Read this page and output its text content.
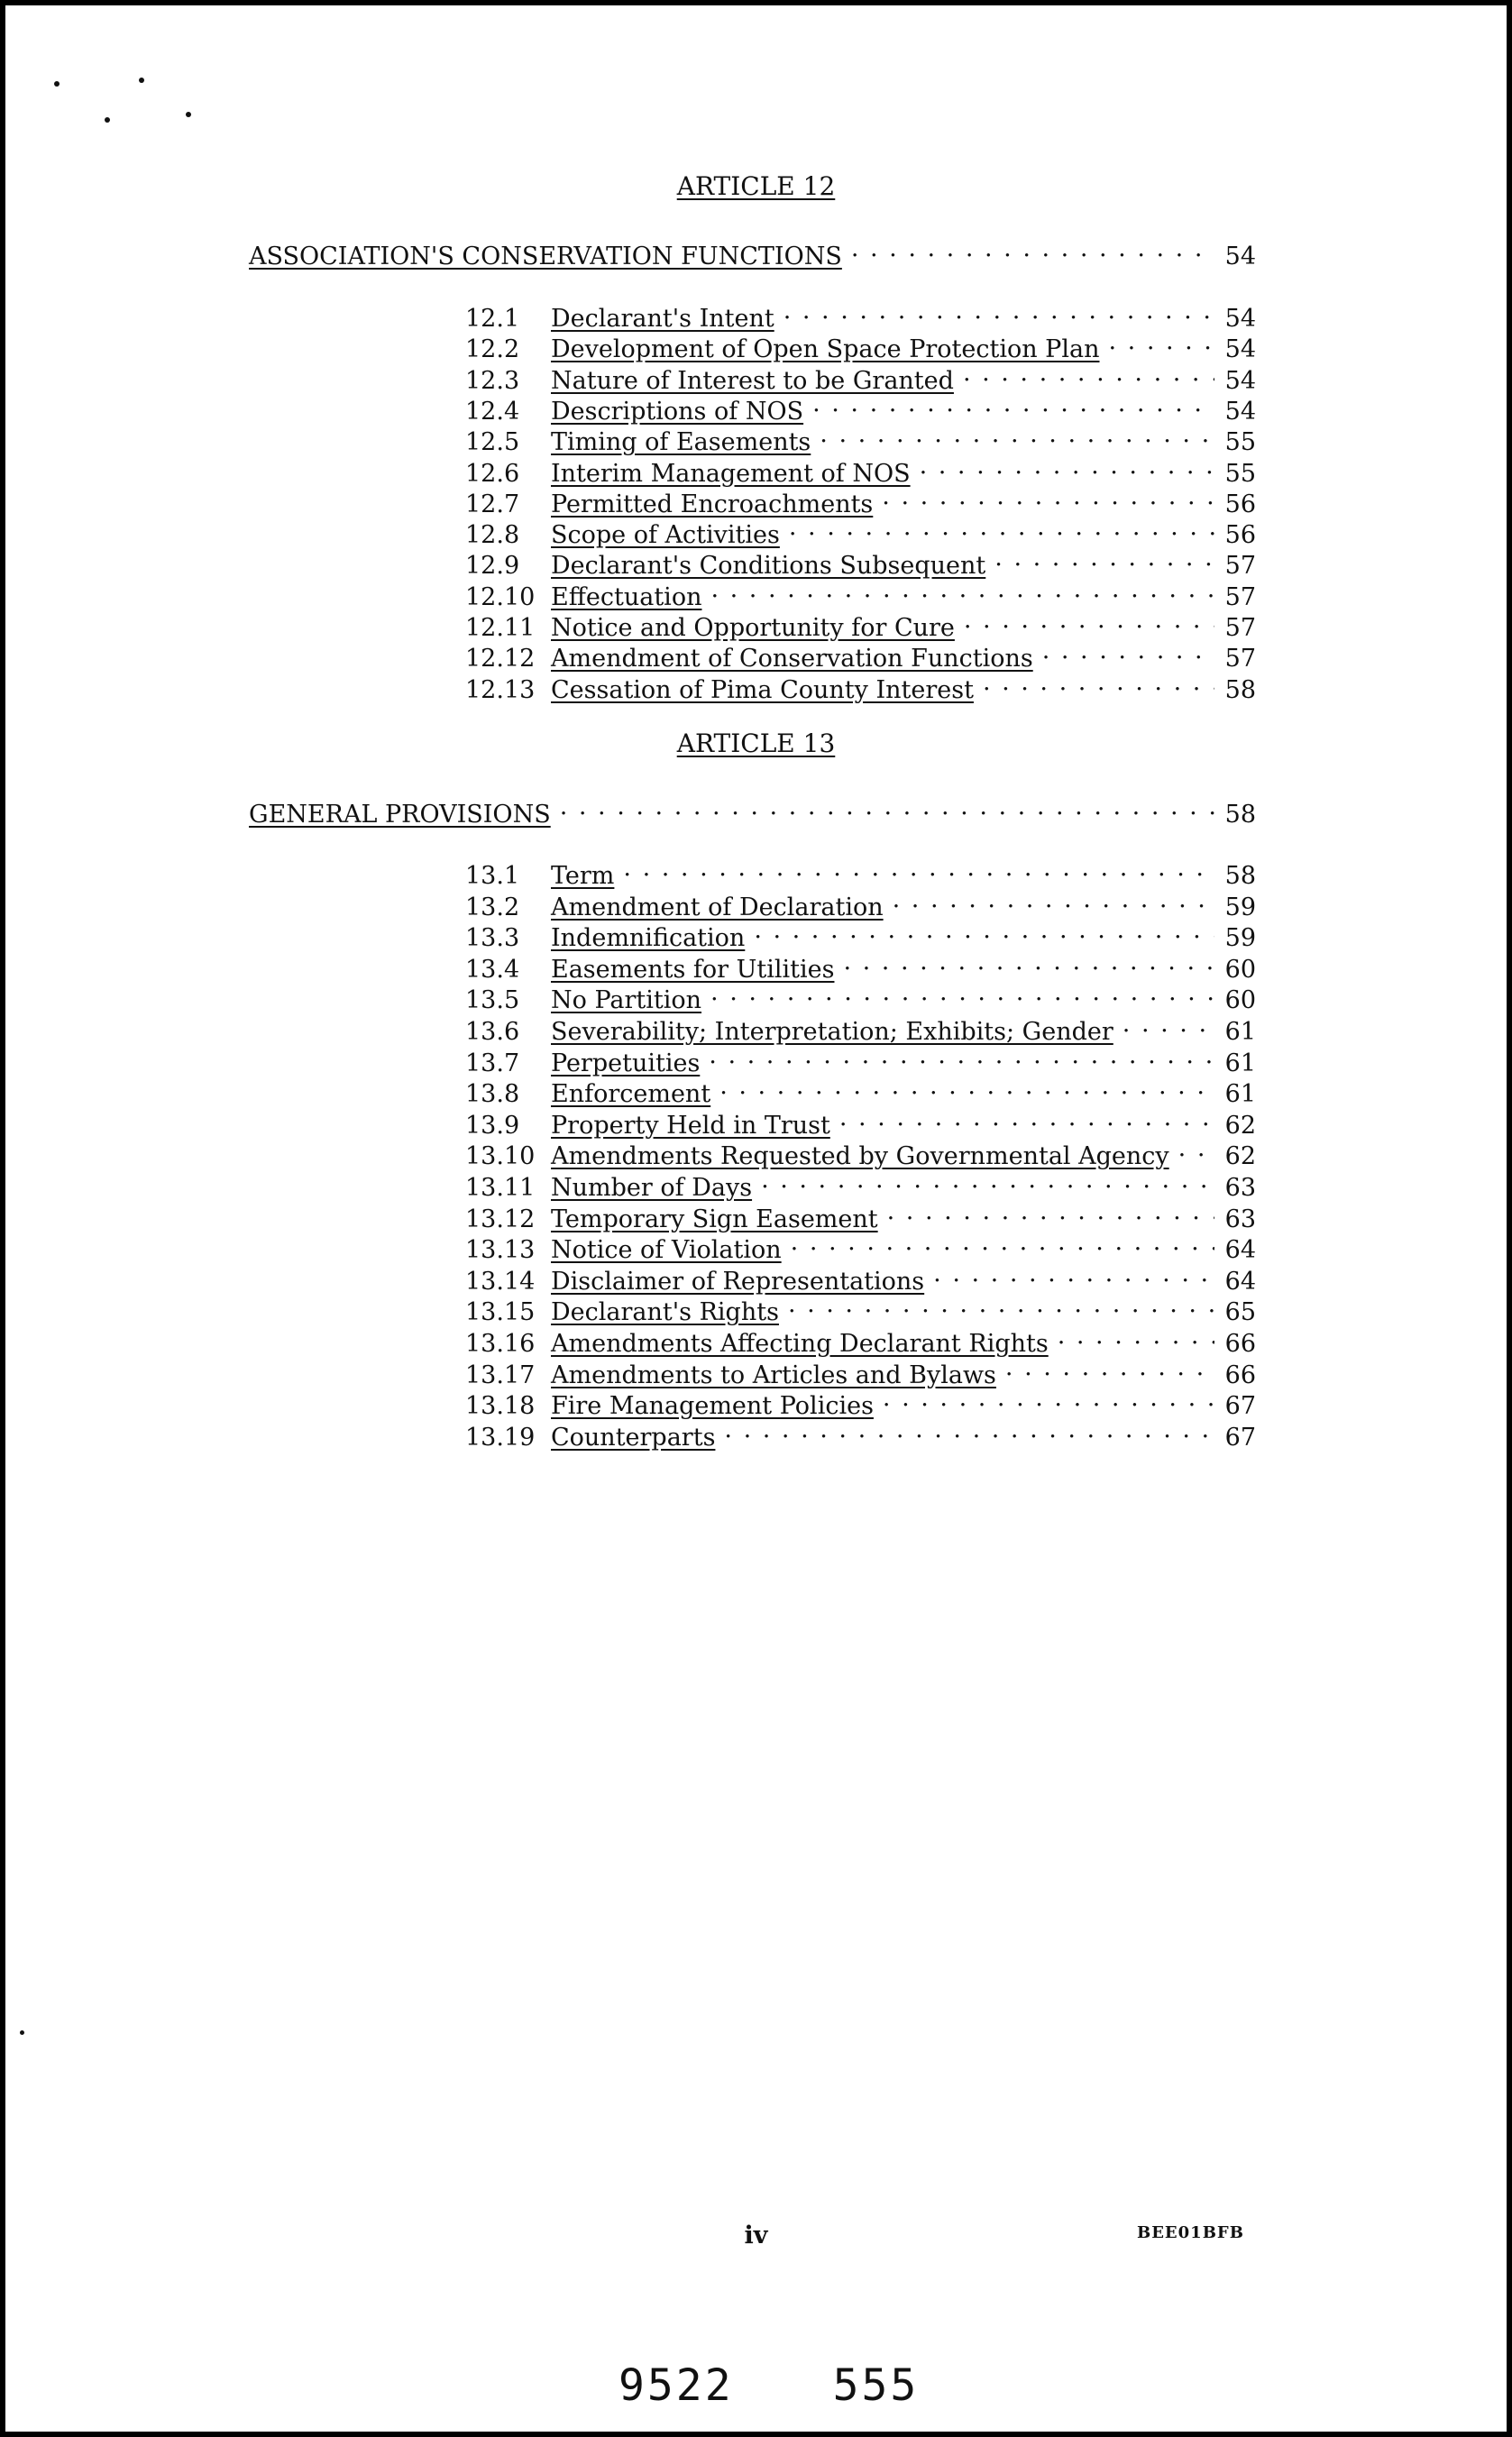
ARTICLE 12
ASSOCIATION'S CONSERVATION FUNCTIONS . . .	54
12.1	Declarant's Intent . . .	54
12.2	Development of Open Space Protection Plan . . .	54
12.3	Nature of Interest to be Granted . . .	54
12.4	Descriptions of NOS . . .	54
12.5	Timing of Easements . . .	55
12.6	Interim Management of NOS . . .	55
12.7	Permitted Encroachments . . .	56
12.8	Scope of Activities . . .	56
12.9	Declarant's Conditions Subsequent . . .	57
12.10 Effectuation . . .	57
12.11 Notice and Opportunity for Cure . . .	57
12.12 Amendment of Conservation Functions . . .	57
12.13 Cessation of Pima County Interest . . .	58
ARTICLE 13
GENERAL PROVISIONS . . .	58
13.1	Term . . .	58
13.2	Amendment of Declaration . . .	59
13.3	Indemnification . . .	59
13.4	Easements for Utilities . . .	60
13.5	No Partition . . .	60
13.6	Severability; Interpretation; Exhibits; Gender . . .	61
13.7	Perpetuities . . .	61
13.8	Enforcement . . .	61
13.9	Property Held in Trust . . .	62
13.10 Amendments Requested by Governmental Agency . . . 62
13.11 Number of Days . . .	63
13.12 Temporary Sign Easement . . .	63
13.13 Notice of Violation . . .	64
13.14 Disclaimer of Representations . . .	64
13.15 Declarant's Rights . . .	65
13.16 Amendments Affecting Declarant Rights . . .	66
13.17 Amendments to Articles and Bylaws . . .	66
13.18 Fire Management Policies . . .	67
13.19 Counterparts . . .	67
iv	BEE01BFB
9522 555
